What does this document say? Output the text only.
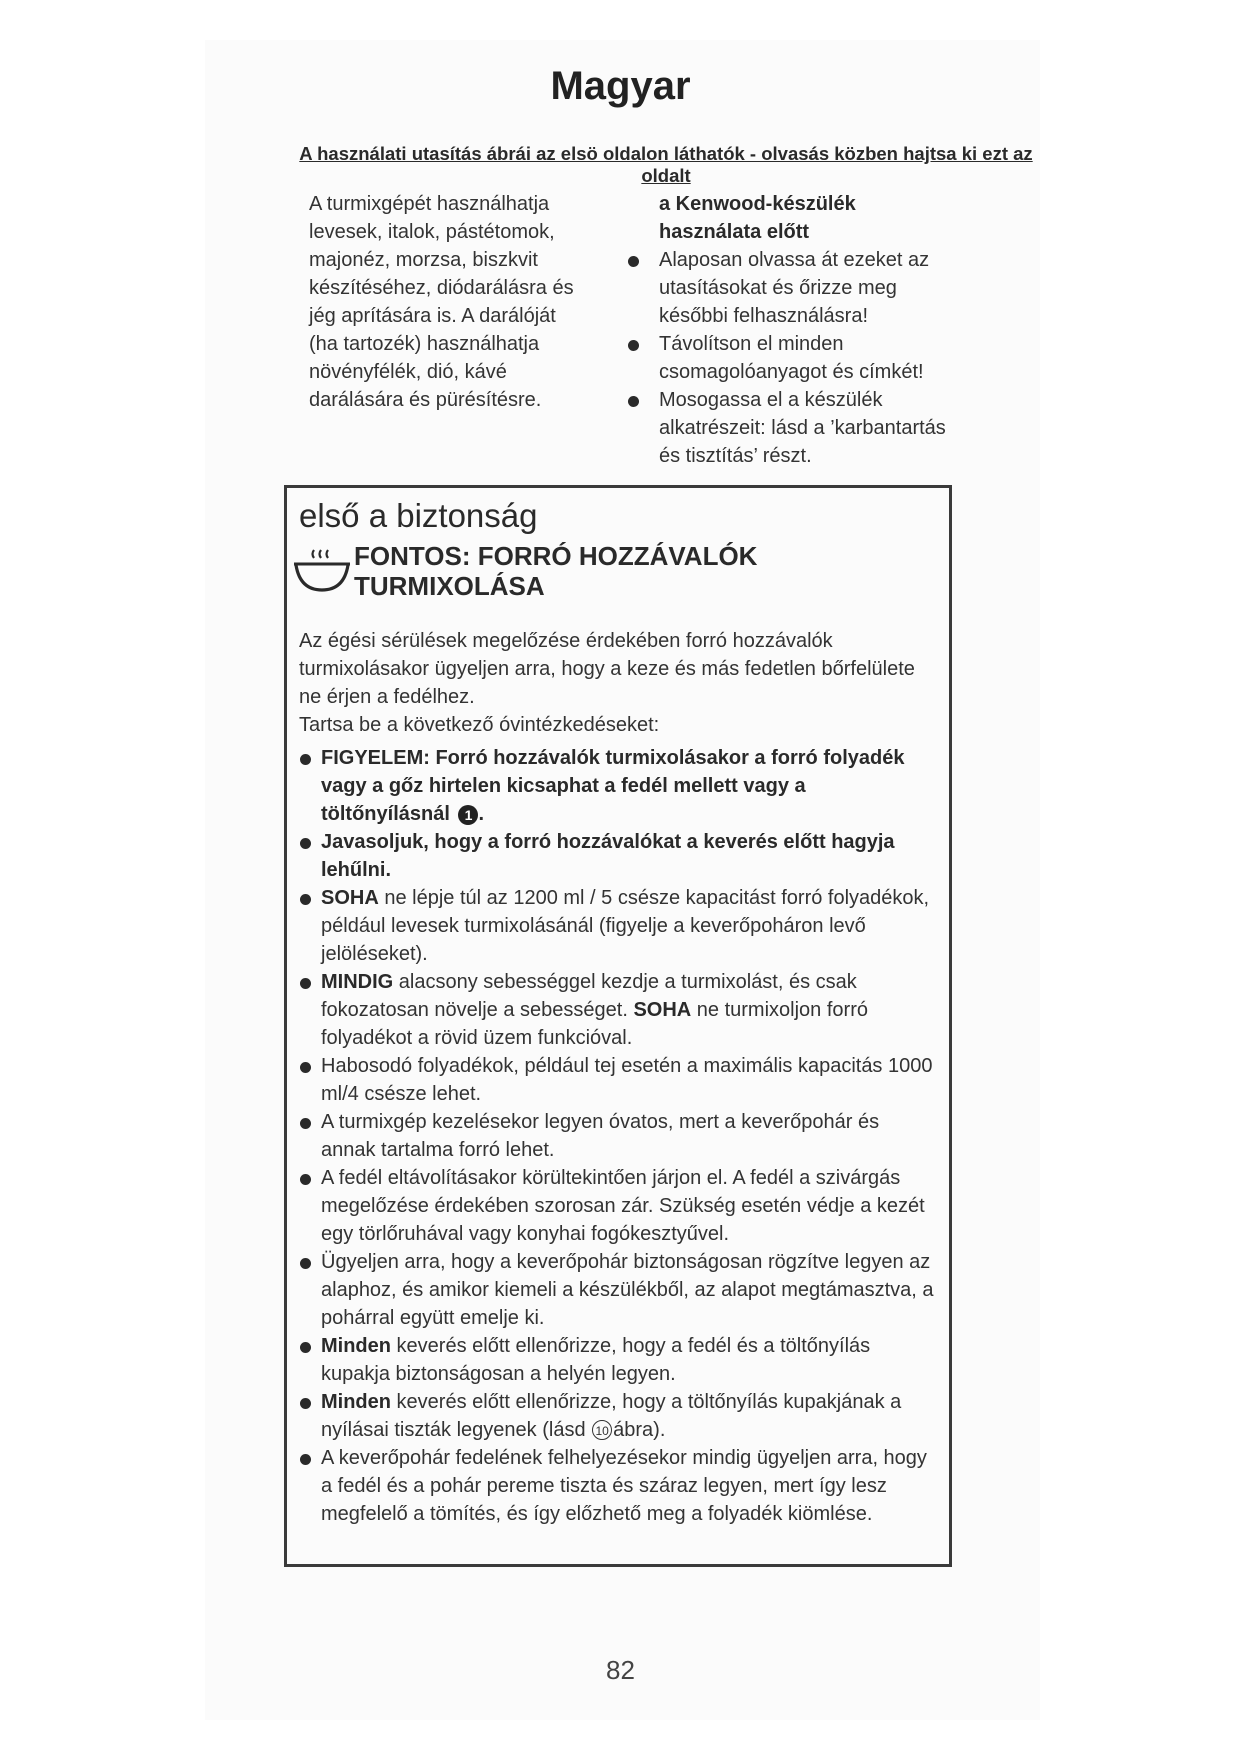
Magyar
A használati utasítás ábrái az elsö oldalon láthatók - olvasás közben hajtsa ki ezt az oldalt
A turmixgépét használhatja
levesek, italok, pástétomok,
majonéz, morzsa, biszkvit
készítéséhez, diódarálásra és
jég aprítására is. A darálóját
(ha tartozék) használhatja
növényfélék, dió, kávé
darálására és pürésítésre.
a Kenwood-készülék
használata előtt
Alaposan olvassa át ezeket az utasításokat és őrizze meg későbbi felhasználásra!
Távolítson el minden csomagolóanyagot és címkét!
Mosogassa el a készülék alkatrészeit: lásd a ’karbantartás és tisztítás’ részt.
első a biztonság
FONTOS: FORRÓ HOZZÁVALÓK
TURMIXOLÁSA

Az égési sérülések megelőzése érdekében forró hozzávalók turmixolásakor ügyeljen arra, hogy a keze és más fedetlen bőrfelülete ne érjen a fedélhez.

Tartsa be a következő óvintézkedéseket:

FIGYELEM: Forró hozzávalók turmixolásakor a forró folyadék vagy a gőz hirtelen kicsaphat a fedél mellett vagy a töltőnyílásnál 1 .
Javasoljuk, hogy a forró hozzávalókat a keverés előtt hagyja lehűlni.
SOHA ne lépje túl az 1200 ml / 5 csésze kapacitást forró folyadékok, például levesek turmixolásánál (figyelje a keverőpoháron levő jelöléseket).
MINDIG alacsony sebességgel kezdje a turmixolást, és csak fokozatosan növelje a sebességet. SOHA ne turmixoljon forró folyadékot a rövid üzem funkcióval.
Habosodó folyadékok, például tej esetén a maximális kapacitás 1000 ml/4 csésze lehet.
A turmixgép kezelésekor legyen óvatos, mert a keverőpohár és annak tartalma forró lehet.
A fedél eltávolításakor körültekintően járjon el. A fedél a szivárgás megelőzése érdekében szorosan zár. Szükség esetén védje a kezét egy törlőruhával vagy konyhai fogókesztyűvel.
Ügyeljen arra, hogy a keverőpohár biztonságosan rögzítve legyen az alaphoz, és amikor kiemeli a készülékből, az alapot megtámasztva, a pohárral együtt emelje ki.
Minden keverés előtt ellenőrizze, hogy a fedél és a töltőnyílás kupakja biztonságosan a helyén legyen.
Minden keverés előtt ellenőrizze, hogy a töltőnyílás kupakjának a nyílásai tiszták legyenek (lásd 10 ábra).
A keverőpohár fedelének felhelyezésekor mindig ügyeljen arra, hogy a fedél és a pohár pereme tiszta és száraz legyen, mert így lesz megfelelő a tömítés, és így előzhető meg a folyadék kiömlése.
82
